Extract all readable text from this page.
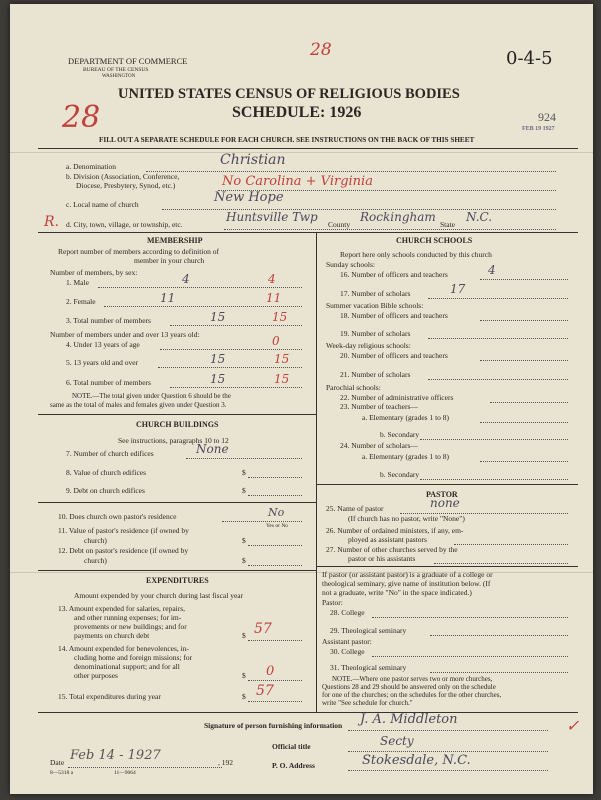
DEPARTMENT OF COMMERCE
BUREAU OF THE CENSUS
WASHINGTON
28	0-4-5
UNITED STATES CENSUS OF RELIGIOUS BODIES
SCHEDULE: 1926
28	924
FEB 19 1927
FILL OUT A SEPARATE SCHEDULE FOR EACH CHURCH. SEE INSTRUCTIONS ON THE BACK OF THIS SHEET
a. Denomination	Christian
b. Division (Association, Conference,
Diocese, Presbytery, Synod, etc.)	No Carolina + Virginia
c. Local name of church	New Hope
R. d. City, town, village, or township, etc.
Huntsville Twp
County
Rockingham
State
N.C.
MEMBERSHIP
Report number of members according to definition of
member in your church
Number of members, by sex:
1. Male	4	4
2. Female	11	11
3. Total number of members	15	15
Number of members under and over 13 years old:
4. Under 13 years of age	0
5. 13 years old and over	15	15
6. Total number of members	15	15
NOTE.—The total given under Question 6 should be the
same as the total of males and females given under Question 3.
CHURCH BUILDINGS
See instructions, paragraphs 10 to 12
7. Number of church edifices	None
8. Value of church edifices	$
9. Debt on church edifices	$
10. Does church own pastor's residence	No
Yes or No
11. Value of pastor's residence (if owned by
church)	$
12. Debt on pastor's residence (if owned by
church)	$
EXPENDITURES
Amount expended by your church during last fiscal year
13. Amount expended for salaries, repairs,
and other running expenses; for im-
provements or new buildings; and for
payments on church debt	$ 57
14. Amount expended for benevolences, in-
cluding home and foreign missions; for
denominational support; and for all
other purposes	$ 0
15. Total expenditures during year	$ 57
CHURCH SCHOOLS
Report here only schools conducted by this church
Sunday schools:
16. Number of officers and teachers	4
17. Number of scholars	17
Summer vacation Bible schools:
18. Number of officers and teachers
19. Number of scholars
Week-day religious schools:
20. Number of officers and teachers
21. Number of scholars
Parochial schools:
22. Number of administrative officers
23. Number of teachers—
a. Elementary (grades 1 to 8)
b. Secondary
24. Number of scholars—
a. Elementary (grades 1 to 8)
b. Secondary
PASTOR
25. Name of pastor	none
(If church has no pastor, write "None")
26. Number of ordained ministers, if any, em-
ployed as assistant pastors
27. Number of other churches served by the
pastor or his assistants
If pastor (or assistant pastor) is a graduate of a college or
theological seminary, give name of institution below. (If
not a graduate, write "No" in the space indicated.)
Pastor:
28. College
29. Theological seminary
Assistant pastor:
30. College
31. Theological seminary
NOTE.—Where one pastor serves two or more churches,
Questions 28 and 29 should be answered only on the schedule
for one of the churches; on the schedules for the other churches,
write "See schedule for church."
✓
Signature of person furnishing information J. A. Middleton
Official title	Secty
P. O. Address	Stokesdale, N.C.
Date Feb 14 - 1927	, 192
8—5318 a	11—9064
